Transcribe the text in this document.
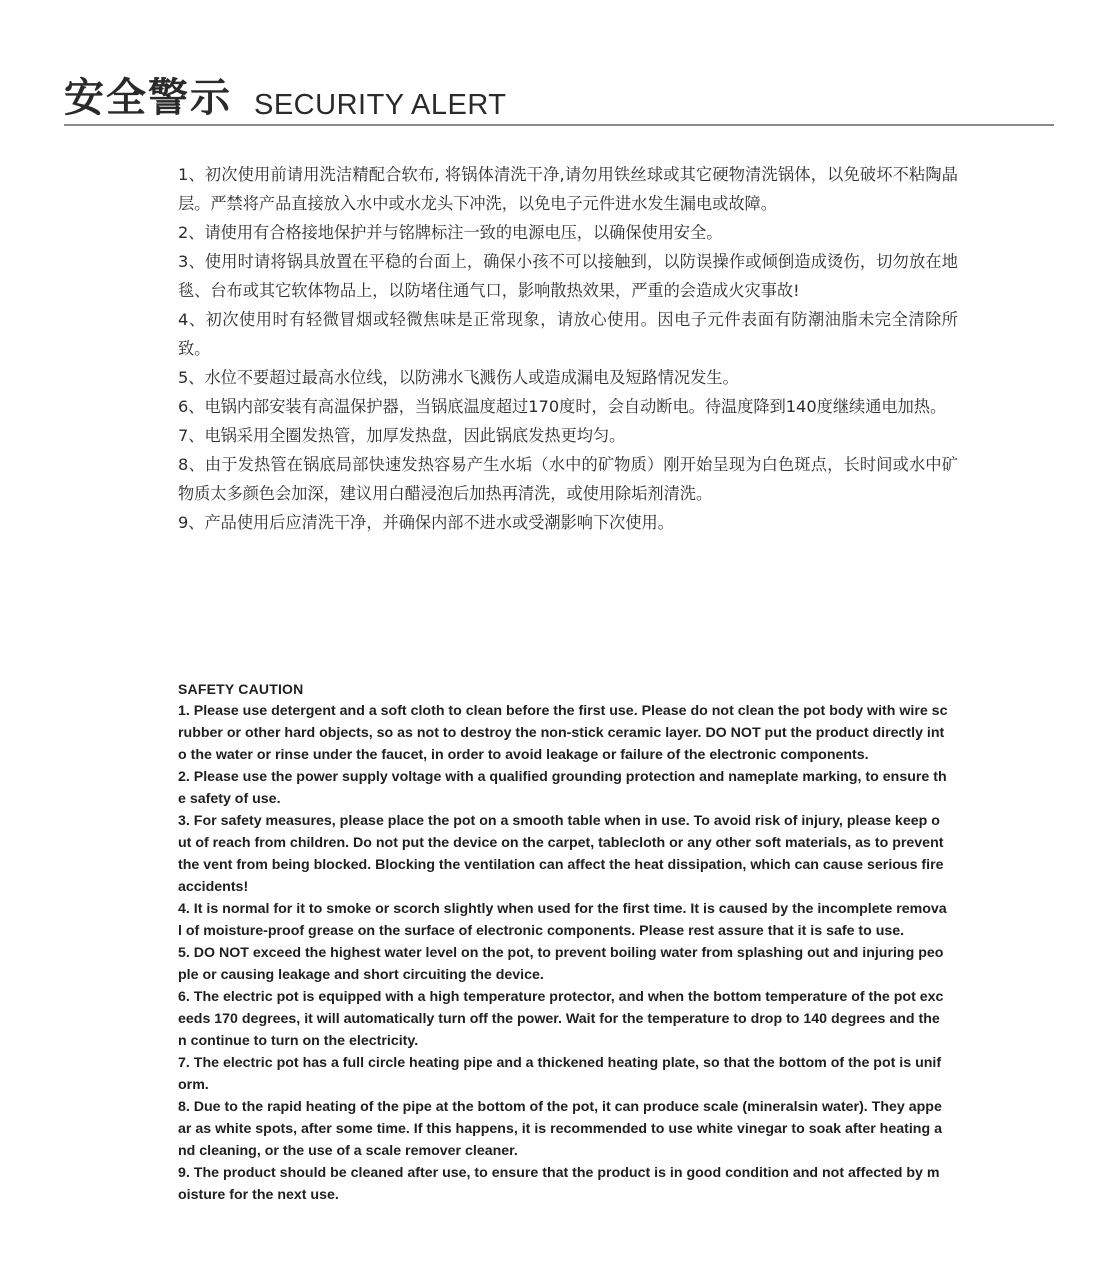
安全警示 SECURITY ALERT
1、初次使用前请用洗洁精配合软布, 将锅体清洗干净,请勿用铁丝球或其它硬物清洗锅体，以免破坏不粘陶晶层。严禁将产品直接放入水中或水龙头下冲洗，以免电子元件进水发生漏电或故障。
2、请使用有合格接地保护并与铭牌标注一致的电源电压，以确保使用安全。
3、使用时请将锅具放置在平稳的台面上，确保小孩不可以接触到，以防误操作或倾倒造成烫伤，切勿放在地毯、台布或其它软体物品上，以防堵住通气口，影响散热效果，严重的会造成火灾事故!
4、初次使用时有轻微冒烟或轻微焦味是正常现象，请放心使用。因电子元件表面有防潮油脂未完全清除所致。
5、水位不要超过最高水位线，以防沸水飞溅伤人或造成漏电及短路情况发生。
6、电锅内部安装有高温保护器，当锅底温度超过170度时，会自动断电。待温度降到140度继续通电加热。
7、电锅采用全圈发热管，加厚发热盘，因此锅底发热更均匀。
8、由于发热管在锅底局部快速发热容易产生水垢（水中的矿物质）刚开始呈现为白色斑点，长时间或水中矿物质太多颜色会加深，建议用白醋浸泡后加热再清洗，或使用除垢剂清洗。
9、产品使用后应清洗干净，并确保内部不进水或受潮影响下次使用。
SAFETY CAUTION
1. Please use detergent and a soft cloth to clean before the first use. Please do not clean the pot body with wire scrubber or other hard objects, so as not to destroy the non-stick ceramic layer. DO NOT put the product directly into the water or rinse under the faucet, in order to avoid leakage or failure of the electronic components.
2. Please use the power supply voltage with a qualified grounding protection and nameplate marking, to ensure the safety of use.
3. For safety measures, please place the pot on a smooth table when in use. To avoid risk of injury, please keep out of reach from children. Do not put the device on the carpet, tablecloth or any other soft materials, as to prevent the vent from being blocked. Blocking the ventilation can affect the heat dissipation, which can cause serious fire accidents!
4. It is normal for it to smoke or scorch slightly when used for the first time. It is caused by the incomplete removal of moisture-proof grease on the surface of electronic components. Please rest assure that it is safe to use.
5. DO NOT exceed the highest water level on the pot, to prevent boiling water from splashing out and injuring people or causing leakage and short circuiting the device.
6. The electric pot is equipped with a high temperature protector, and when the bottom temperature of the pot exceeds 170 degrees, it will automatically turn off the power. Wait for the temperature to drop to 140 degrees and then continue to turn on the electricity.
7. The electric pot has a full circle heating pipe and a thickened heating plate, so that the bottom of the pot is uniform.
8. Due to the rapid heating of the pipe at the bottom of the pot, it can produce scale (mineralsin water). They appear as white spots, after some time. If this happens, it is recommended to use white vinegar to soak after heating and cleaning, or the use of a scale remover cleaner.
9. The product should be cleaned after use, to ensure that the product is in good condition and not affected by moisture for the next use.
